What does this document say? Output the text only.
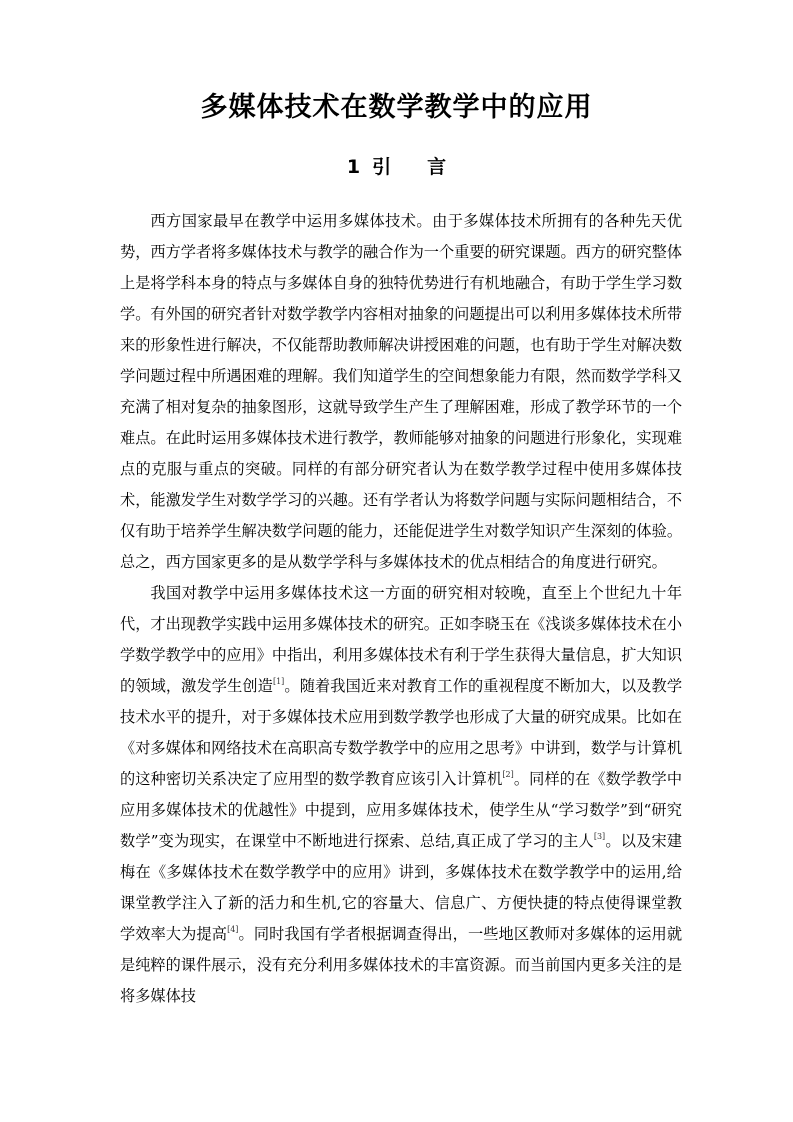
多媒体技术在数学教学中的应用
1 引言

西方国家最早在教学中运用多媒体技术。由于多媒体技术所拥有的各种先天优势，西方学者将多媒体技术与教学的融合作为一个重要的研究课题。西方的研究整体上是将学科本身的特点与多媒体自身的独特优势进行有机地融合，有助于学生学习数学。有外国的研究者针对数学教学内容相对抽象的问题提出可以利用多媒体技术所带来的形象性进行解决，不仅能帮助教师解决讲授困难的问题，也有助于学生对解决数学问题过程中所遇困难的理解。我们知道学生的空间想象能力有限，然而数学学科又充满了相对复杂的抽象图形，这就导致学生产生了理解困难，形成了教学环节的一个难点。在此时运用多媒体技术进行教学，教师能够对抽象的问题进行形象化，实现难点的克服与重点的突破。同样的有部分研究者认为在数学教学过程中使用多媒体技术，能激发学生对数学学习的兴趣。还有学者认为将数学问题与实际问题相结合，不仅有助于培养学生解决数学问题的能力，还能促进学生对数学知识产生深刻的体验。总之，西方国家更多的是从数学学科与多媒体技术的优点相结合的角度进行研究。

我国对教学中运用多媒体技术这一方面的研究相对较晚，直至上个世纪九十年代，才出现教学实践中运用多媒体技术的研究。正如李晓玉在《浅谈多媒体技术在小学数学教学中的应用》中指出，利用多媒体技术有利于学生获得大量信息，扩大知识的领域，激发学生创造[1]。随着我国近来对教育工作的重视程度不断加大，以及教学技术水平的提升，对于多媒体技术应用到数学教学也形成了大量的研究成果。比如在《对多媒体和网络技术在高职高专数学教学中的应用之思考》中讲到，数学与计算机的这种密切关系决定了应用型的数学教育应该引入计算机[2]。同样的在《数学教学中应用多媒体技术的优越性》中提到，应用多媒体技术，使学生从“学习数学”到“研究数学”变为现实，在课堂中不断地进行探索、总结,真正成了学习的主人[3]。以及宋建梅在《多媒体技术在数学教学中的应用》讲到，多媒体技术在数学教学中的运用,给课堂教学注入了新的活力和生机,它的容量大、信息广、方便快捷的特点使得课堂教学效率大为提高[4]。同时我国有学者根据调查得出，一些地区教师对多媒体的运用就是纯粹的课件展示，没有充分利用多媒体技术的丰富资源。而当前国内更多关注的是将多媒体技
